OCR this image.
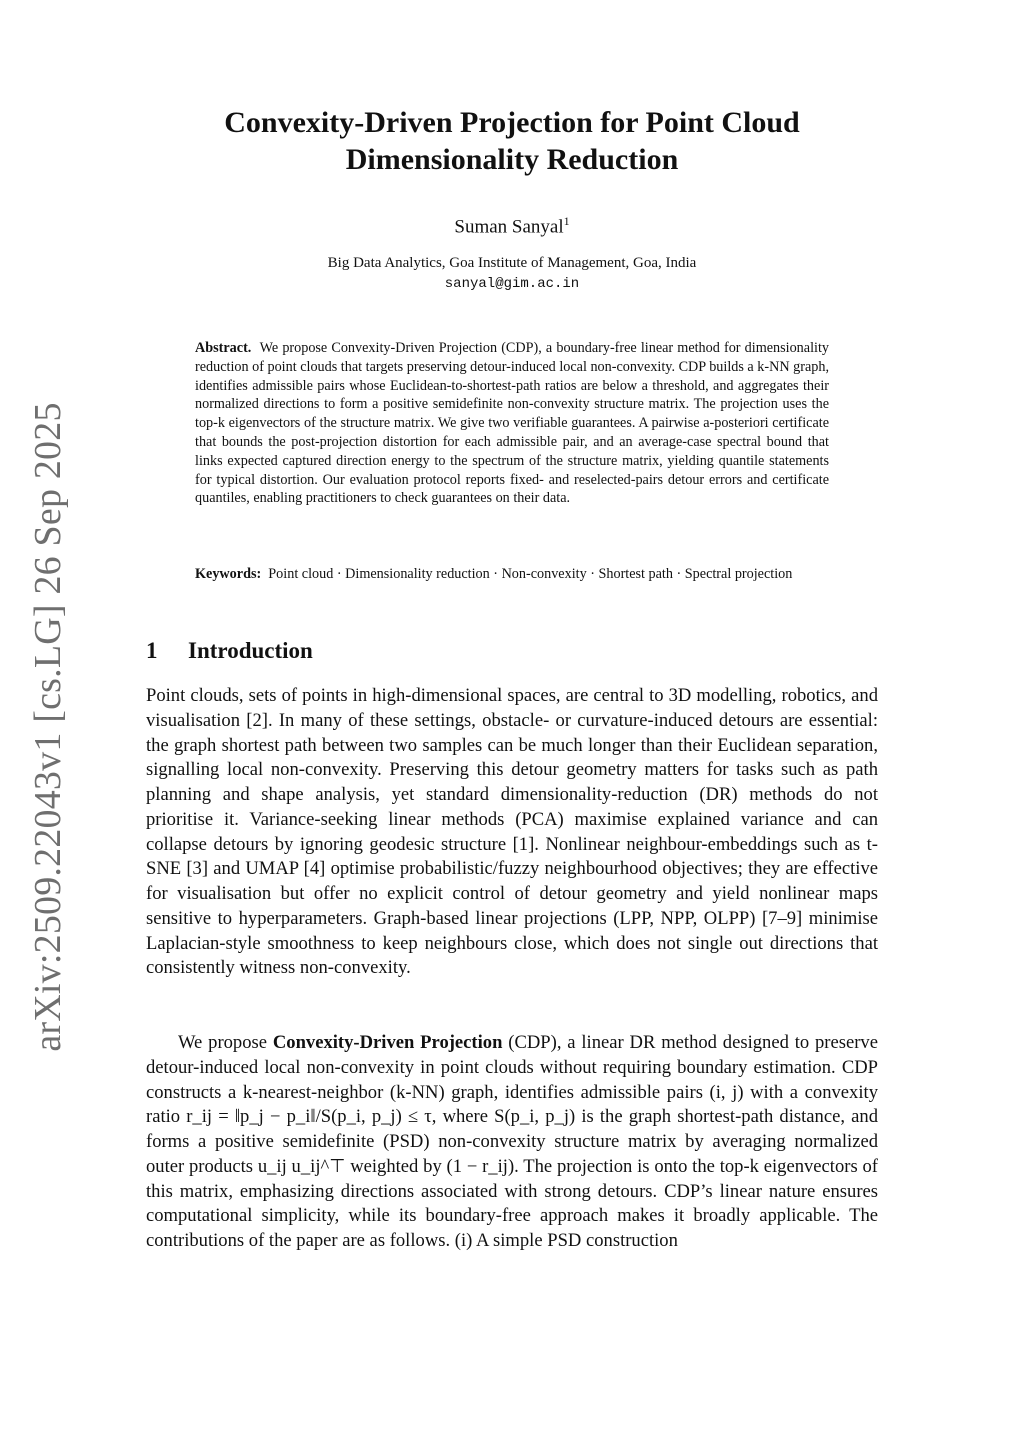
arXiv:2509.22043v1 [cs.LG] 26 Sep 2025
Convexity-Driven Projection for Point Cloud
Dimensionality Reduction
Suman Sanyal$^1$
Big Data Analytics, Goa Institute of Management, Goa, India
sanyal@gim.ac.in
Abstract. We propose Convexity-Driven Projection (CDP), a boundary-free linear method for dimensionality reduction of point clouds that targets preserving detour-induced local non-convexity. CDP builds a k-NN graph, identifies admissible pairs whose Euclidean-to-shortest-path ratios are below a threshold, and aggregates their normalized directions to form a positive semidefinite non-convexity structure matrix. The projection uses the top-k eigenvectors of the structure matrix. We give two verifiable guarantees. A pairwise a-posteriori certificate that bounds the post-projection distortion for each admissible pair, and an average-case spectral bound that links expected captured direction energy to the spectrum of the structure matrix, yielding quantile statements for typical distortion. Our evaluation protocol reports fixed- and reselected-pairs detour errors and certificate quantiles, enabling practitioners to check guarantees on their data.
Keywords: Point cloud · Dimensionality reduction · Non-convexity · Shortest path · Spectral projection
1 Introduction
Point clouds, sets of points in high-dimensional spaces, are central to 3D modelling, robotics, and visualisation [2]. In many of these settings, obstacle- or curvature-induced detours are essential: the graph shortest path between two samples can be much longer than their Euclidean separation, signalling local non-convexity. Preserving this detour geometry matters for tasks such as path planning and shape analysis, yet standard dimensionality-reduction (DR) methods do not prioritise it. Variance-seeking linear methods (PCA) maximise explained variance and can collapse detours by ignoring geodesic structure [1]. Nonlinear neighbour-embeddings such as t-SNE [3] and UMAP [4] optimise probabilistic/fuzzy neighbourhood objectives; they are effective for visualisation but offer no explicit control of detour geometry and yield nonlinear maps sensitive to hyperparameters. Graph-based linear projections (LPP, NPP, OLPP) [7–9] minimise Laplacian-style smoothness to keep neighbours close, which does not single out directions that consistently witness non-convexity.
We propose Convexity-Driven Projection (CDP), a linear DR method designed to preserve detour-induced local non-convexity in point clouds without requiring boundary estimation. CDP constructs a k-nearest-neighbor (k-NN) graph, identifies admissible pairs (i, j) with a convexity ratio r_ij = ‖p_j − p_i‖/S(p_i, p_j) ≤ τ, where S(p_i, p_j) is the graph shortest-path distance, and forms a positive semidefinite (PSD) non-convexity structure matrix by averaging normalized outer products u_ij u_ij^⊤ weighted by (1 − r_ij). The projection is onto the top-k eigenvectors of this matrix, emphasizing directions associated with strong detours. CDP’s linear nature ensures computational simplicity, while its boundary-free approach makes it broadly applicable. The contributions of the paper are as follows. (i) A simple PSD construction
